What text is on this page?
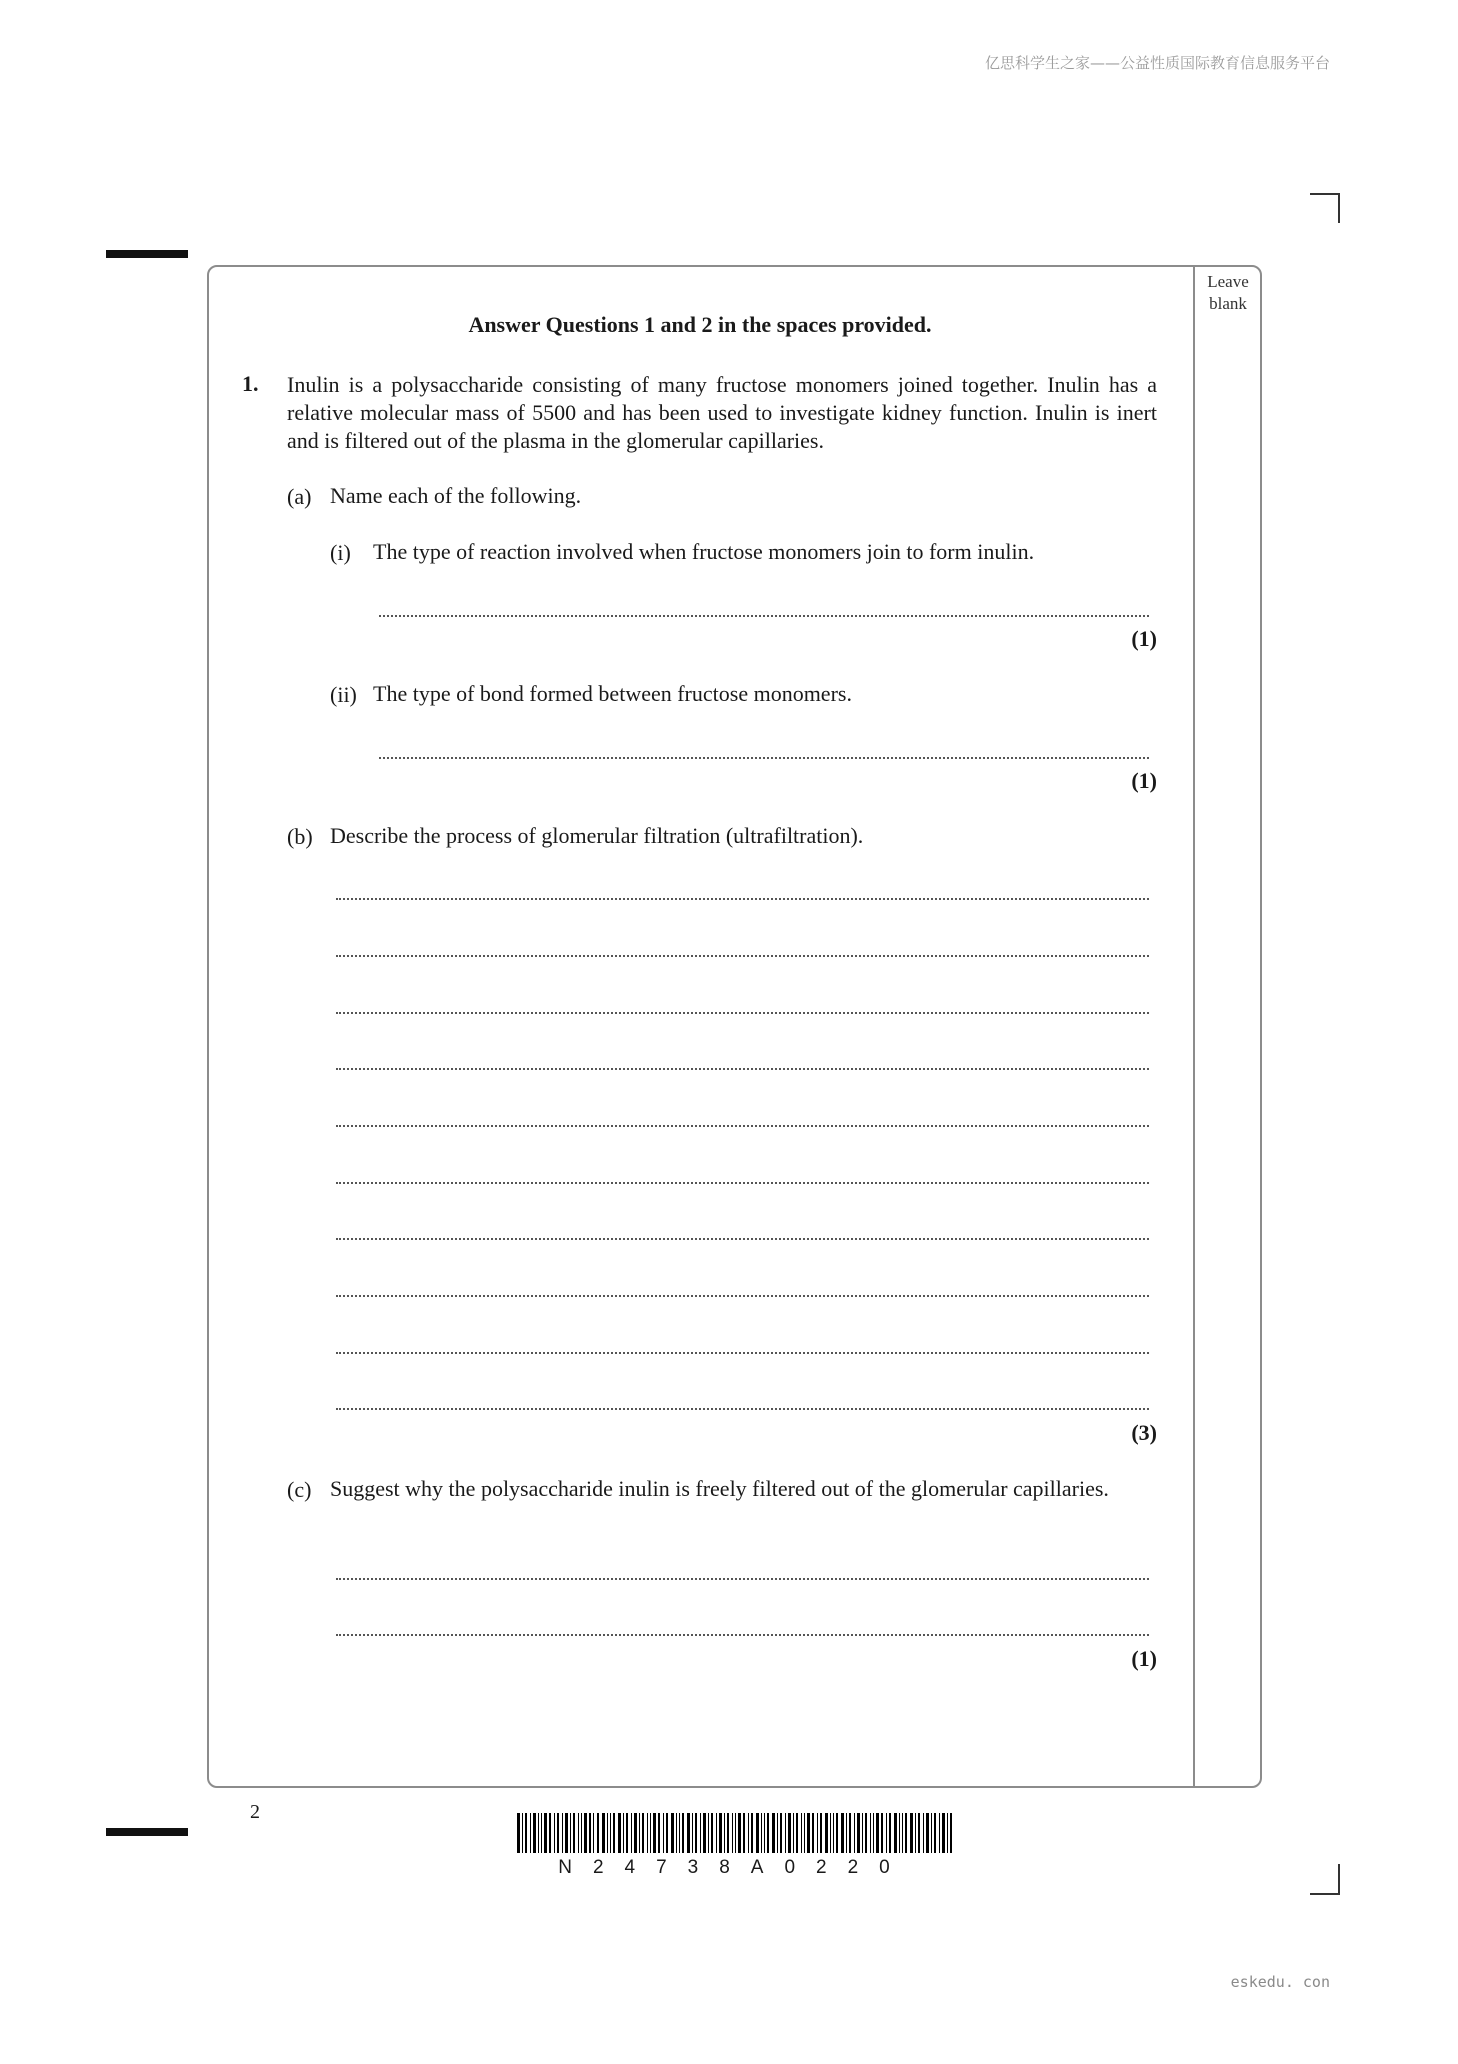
亿思科学生之家——公益性质国际教育信息服务平台
eskedu. con
Leave
blank
Answer Questions 1 and 2 in the spaces provided.
1. Inulin is a polysaccharide consisting of many fructose monomers joined together. Inulin has a relative molecular mass of 5500 and has been used to investigate kidney function. Inulin is inert and is filtered out of the plasma in the glomerular capillaries.
(a) Name each of the following.
(i) The type of reaction involved when fructose monomers join to form inulin.
(1)
(ii) The type of bond formed between fructose monomers.
(1)
(b) Describe the process of glomerular filtration (ultrafiltration).
(3)
(c) Suggest why the polysaccharide inulin is freely filtered out of the glomerular capillaries.
(1)
2
N24738A0220
